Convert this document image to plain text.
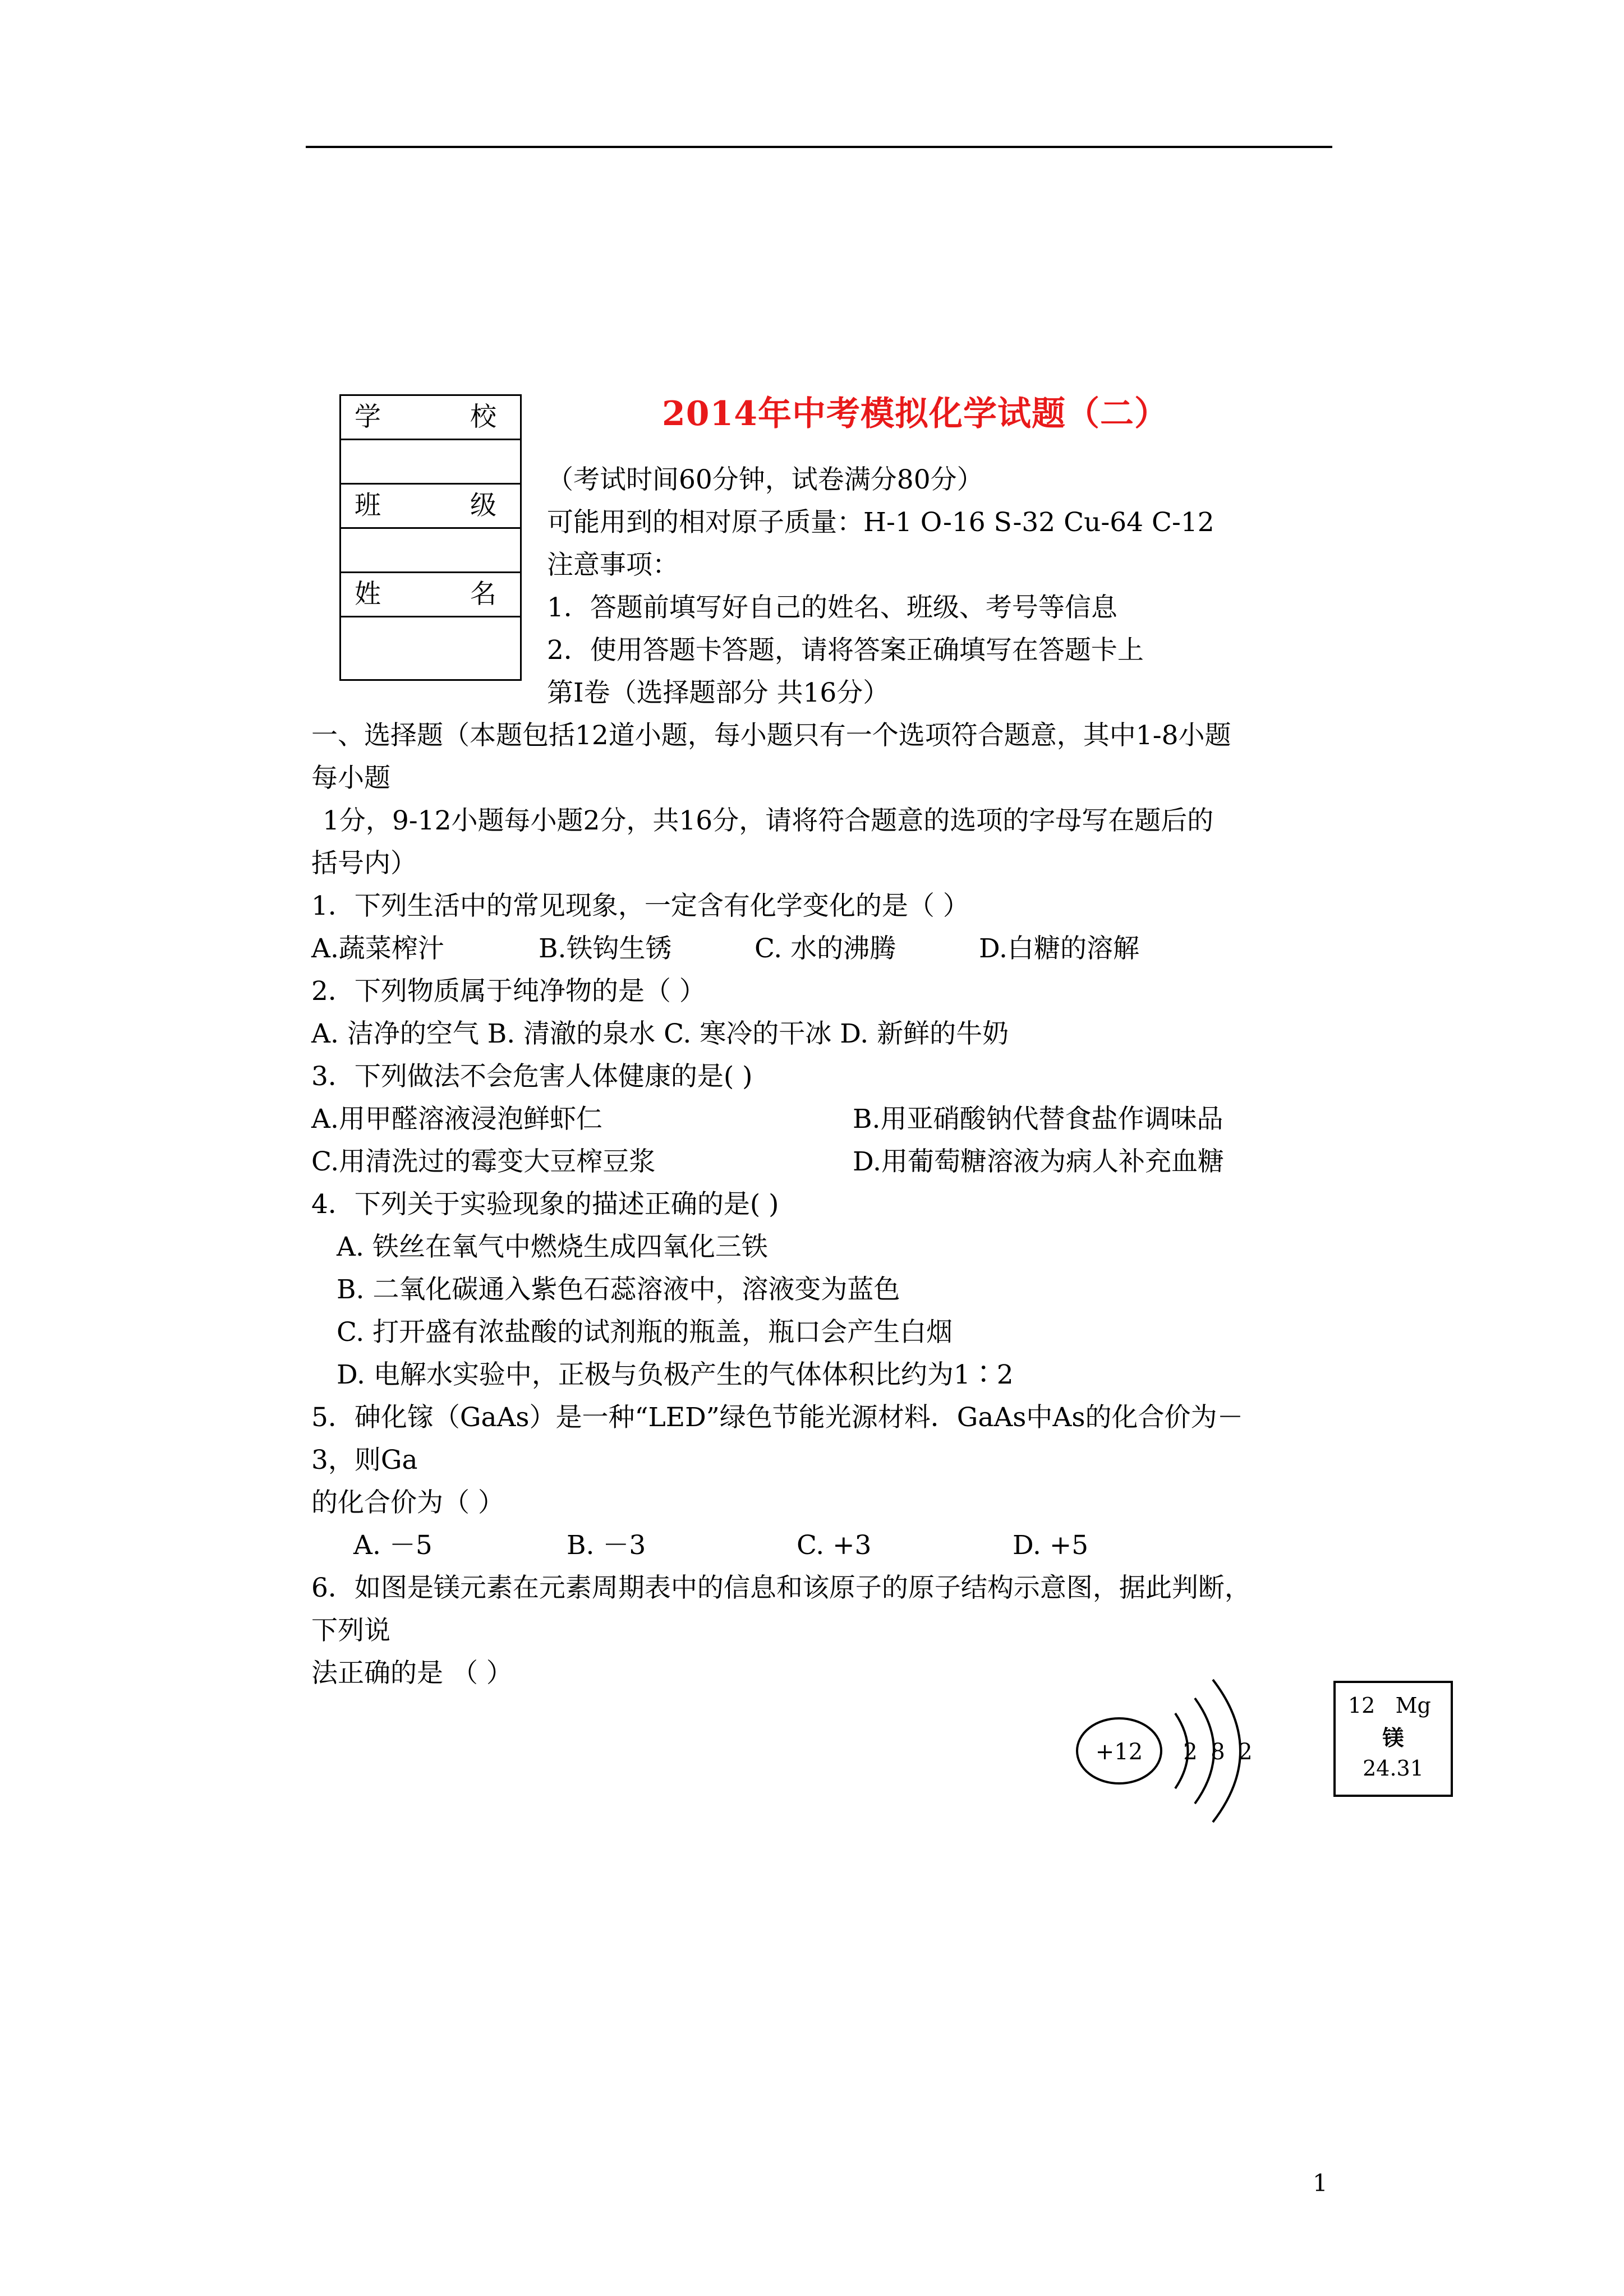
学	校
班	级
姓	名
2014年中考模拟化学试题（二）
（考试时间60分钟，试卷满分80分）
可能用到的相对原子质量：H-1 O-16 S-32 Cu-64 C-12
注意事项：
1．答题前填写好自己的姓名、班级、考号等信息
2．使用答题卡答题，请将答案正确填写在答题卡上
第Ⅰ卷（选择题部分 共16分）
一、选择题（本题包括12道小题，每小题只有一个选项符合题意，其中1-8小题
每小题
1分，9-12小题每小题2分，共16分，请将符合题意的选项的字母写在题后的
括号内）
1．下列生活中的常见现象，一定含有化学变化的是（ ）
A.蔬菜榨汁	B.铁钩生锈	C. 水的沸腾	D.白糖的溶解
2．下列物质属于纯净物的是（ ）
A. 洁净的空气 B. 清澈的泉水 C. 寒冷的干冰 D. 新鲜的牛奶
3．下列做法不会危害人体健康的是( )
A.用甲醛溶液浸泡鲜虾仁	B.用亚硝酸钠代替食盐作调味品
C.用清洗过的霉变大豆榨豆浆	D.用葡萄糖溶液为病人补充血糖
4．下列关于实验现象的描述正确的是( )
A. 铁丝在氧气中燃烧生成四氧化三铁
B. 二氧化碳通入紫色石蕊溶液中，溶液变为蓝色
C. 打开盛有浓盐酸的试剂瓶的瓶盖，瓶口会产生白烟
D. 电解水实验中，正极与负极产生的气体体积比约为1∶2
5．砷化镓（GaAs）是一种“LED”绿色节能光源材料．GaAs中As的化合价为－
3，则Ga
的化合价为（ ）
A. －5	B. －3	C. +3	D. +5
6．如图是镁元素在元素周期表中的信息和该原子的原子结构示意图，据此判断，
下列说
法正确的是 （ ）
+12 2 8 2
12 Mg
镁
24.31
1
